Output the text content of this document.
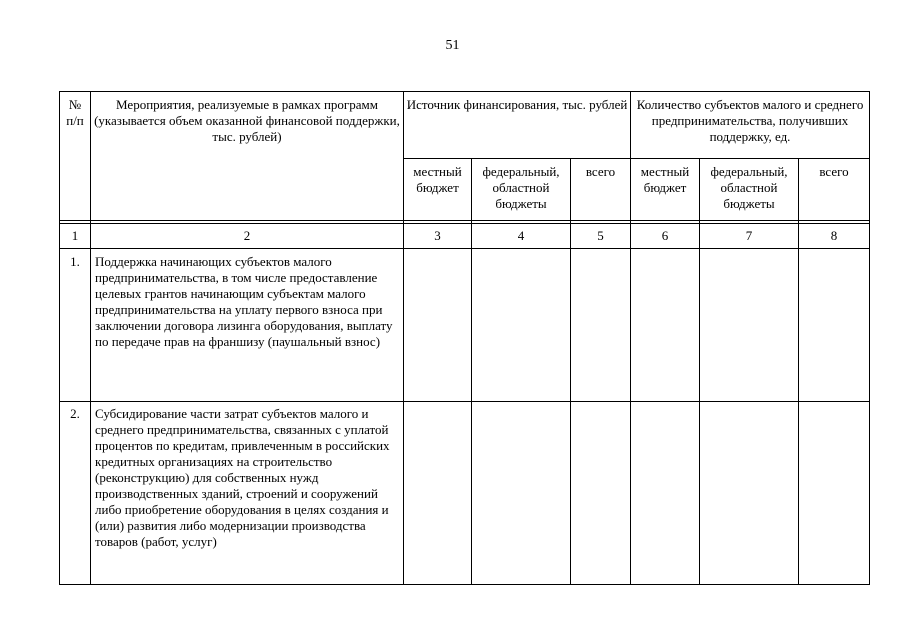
51
№ п/п	Мероприятия, реализуемые в рамках программ (указывается объем оказанной финансовой поддержки, тыс. рублей)	Источник финансирования, тыс. рублей			Количество субъектов малого и среднего предпринимательства, получивших поддержку, ед.		
		местный бюджет	федеральный, областной бюджеты	всего	местный бюджет	федеральный, областной бюджеты	всего

1	2	3	4	5	6	7	8
1.	Поддержка начинающих субъектов малого предпринимательства, в том числе предоставление целевых грантов начинающим субъектам малого предпринимательства на уплату первого взноса при заключении договора лизинга оборудования, выплату по передаче прав на франшизу (паушальный взнос)						
2.	Субсидирование части затрат субъектов малого и среднего предпринимательства, связанных с уплатой процентов по кредитам, привлеченным в российских кредитных организациях на строительство (реконструкцию) для собственных нужд производственных зданий, строений и сооружений либо приобретение оборудования в целях создания и (или) развития либо модернизации производства товаров (работ, услуг)						
